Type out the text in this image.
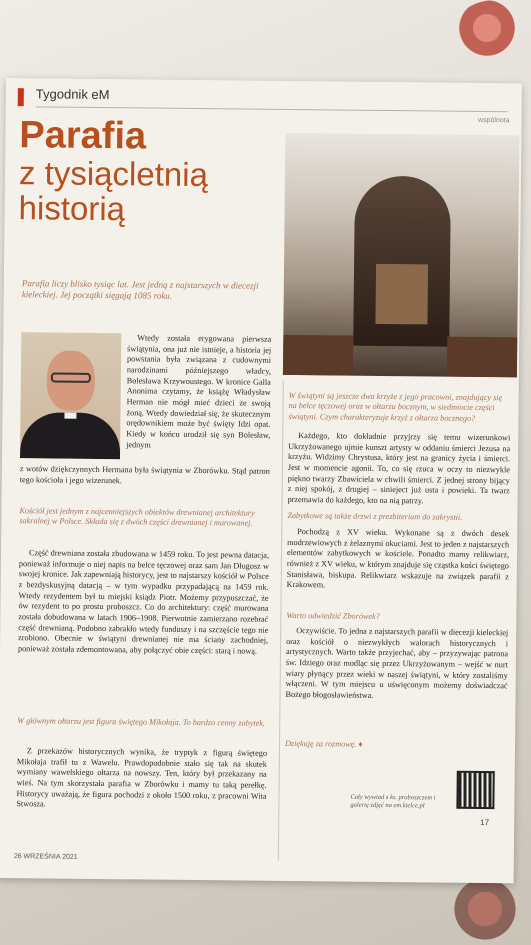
Tygodnik eM
wspólnota
Parafia
z tysiącletnią historią
Parafia liczy blisko tysiąc lat. Jest jedną z najstarszych w diecezji kieleckiej. Jej początki sięgają 1085 roku.

Wtedy została erygowana pierwsza świątynia, ona już nie istnieje, a historia jej powstania była związana z cudownymi narodzinami późniejszego władcy, Bolesława Krzywoustego. W kronice Galla Anonima czytamy, że książę Władysław Herman nie mógł mieć dzieci ze swoją żoną. Wtedy dowiedział się, że skutecznym orędownikiem może być święty Idzi opat. Kiedy w końcu urodził się syn Bolesław, jednym

z wotów dziękczynnych Hermana była świątynia w Zborówku. Stąd patron tego kościoła i jego wizerunek.

Kościół jest jednym z najcenniejszych obiektów drewnianej architektury sakralnej w Polsce. Składa się z dwóch części drewnianej i murowanej.

Część drewniana została zbudowana w 1459 roku. To jest pewna datacja, ponieważ informuje o niej napis na belce tęczowej oraz sam Jan Długosz w swojej kronice. Jak zapewniają historycy, jest to najstarszy kościół w Polsce z bezdyskusyjną datacją – w tym wypadku przypadającą na 1459 rok. Wtedy rezydentem był tu miejski ksiądz Piotr. Możemy przypuszczać, że ów rezydent to po prostu proboszcz. Co do architektury: część murowana została dobudowana w latach 1906–1908. Pierwotnie zamierzano rozebrać część drewnianą. Podobno zabrakło wtedy funduszy i na szczęście tego nie zrobiono. Obecnie w świątyni drewnianej nie ma ściany zachodniej, ponieważ została zdemontowana, aby połączyć obie części: starą i nową.

W głównym ołtarzu jest figura świętego Mikołaja. To bardzo cenny zabytek.

Z przekazów historycznych wynika, że tryptyk z figurą świętego Mikołaja trafił tu z Wawelu. Prawdopodobnie stało się tak na skutek wymiany wawelskiego ołtarza na nowszy. Ten, który był przekazany na wieś. Na tym skorzystała parafia w Zborówku i mamy tu taką perełkę. Historycy uważają, że figura pochodzi z około 1500 roku, z pracowni Wita Stwosza.

26 WRZEŚNIA 2021
W świątyni są jeszcze dwa krzyże z jego pracowni, znajdujący się na belce tęczowej oraz w ołtarzu bocznym, w siedmiocie części świątyni. Czym charakteryzuje krzyż z ołtarza bocznego?

Każdego, kto dokładnie przyjrzy się temu wizerunkowi Ukrzyżowanego ujmie kunszt artysty w oddaniu śmierci Jezusa na krzyżu. Widzimy Chrystusa, który jest na granicy życia i śmierci. Jest w momencie agonii. To, co się rzuca w oczy to niezwykle piękno twarzy Zbawiciela w chwili śmierci. Z jednej strony bijący z niej spokój, z drugiej – sinieject już usta i powieki. Ta twarz przemawia do każdego, kto na nią patrzy.

Zabytkowe są także drzwi z prezbiterium do zakrystii.

Pochodzą z XV wieku. Wykonane są z dwóch desek modrzewiowych z żelaznymi okuciami. Jest to jeden z najstarszych elementów zabytkowych w kościele. Ponadto mamy relikwiarz, również z XV wieku, w którym znajduje się cząstka kości świętego Stanisława, biskupa. Relikwiarz wskazuje na związek parafii z Krakowem.

Warto odwiedzić Zborówek?

Oczywiście. To jedna z najstarszych parafii w diecezji kieleckiej oraz kościół o niezwykłych walorach historycznych i artystycznych. Warto także przyjechać, aby – przyzywając patrona św. Idziego oraz modląc się przez Ukrzyżowanym – wejść w nurt wiary płynący przez wieki w naszej świątyni, w który zostaliśmy włączeni. W tym miejscu u uświęconym możemy doświadczać Bożego błogosławieństwa.

Dziękuję za rozmowę. ♦
Cały wywiad z ks. proboszczem i galerię zdjęć na em.kielce.pl
17
